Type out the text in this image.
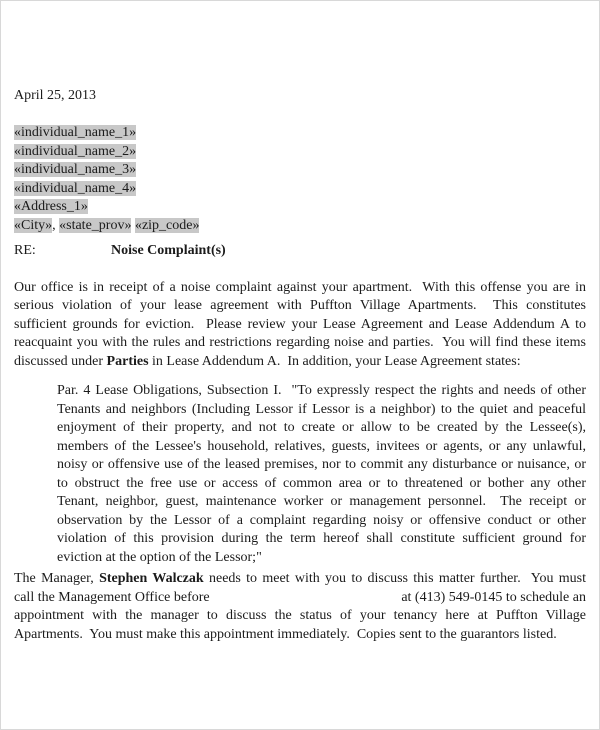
April 25, 2013
«individual_name_1»
«individual_name_2»
«individual_name_3»
«individual_name_4»
«Address_1»
«City», «state_prov» «zip_code»
RE:	Noise Complaint(s)
Our office is in receipt of a noise complaint against your apartment.  With this offense you are in
serious violation of your lease agreement with Puffton Village Apartments.  This constitutes
sufficient grounds for eviction.  Please review your Lease Agreement and Lease Addendum A to
reacquaint you with the rules and restrictions regarding noise and parties.  You will find these items
discussed under Parties in Lease Addendum A.  In addition, your Lease Agreement states:
Par. 4 Lease Obligations, Subsection I.  "To expressly respect the rights and needs of other
Tenants and neighbors (Including Lessor if Lessor is a neighbor) to the quiet and peaceful
enjoyment of their property, and not to create or allow to be created by the Lessee(s),
members of the Lessee's household, relatives, guests, invitees or agents, or any unlawful,
noisy or offensive use of the leased premises, nor to commit any disturbance or nuisance, or
to obstruct the free use or access of common area or to threatened or bother any other
Tenant, neighbor, guest, maintenance worker or management personnel.  The receipt or
observation by the Lessor of a complaint regarding noisy or offensive conduct or other
violation of this provision during the term hereof shall constitute sufficient ground for
eviction at the option of the Lessor;"
The Manager, Stephen Walczak needs to meet with you to discuss this matter further.  You must
call the Management Office before	at (413) 549-0145 to schedule an
appointment with the manager to discuss the status of your tenancy here at Puffton Village
Apartments.  You must make this appointment immediately.  Copies sent to the guarantors listed.
